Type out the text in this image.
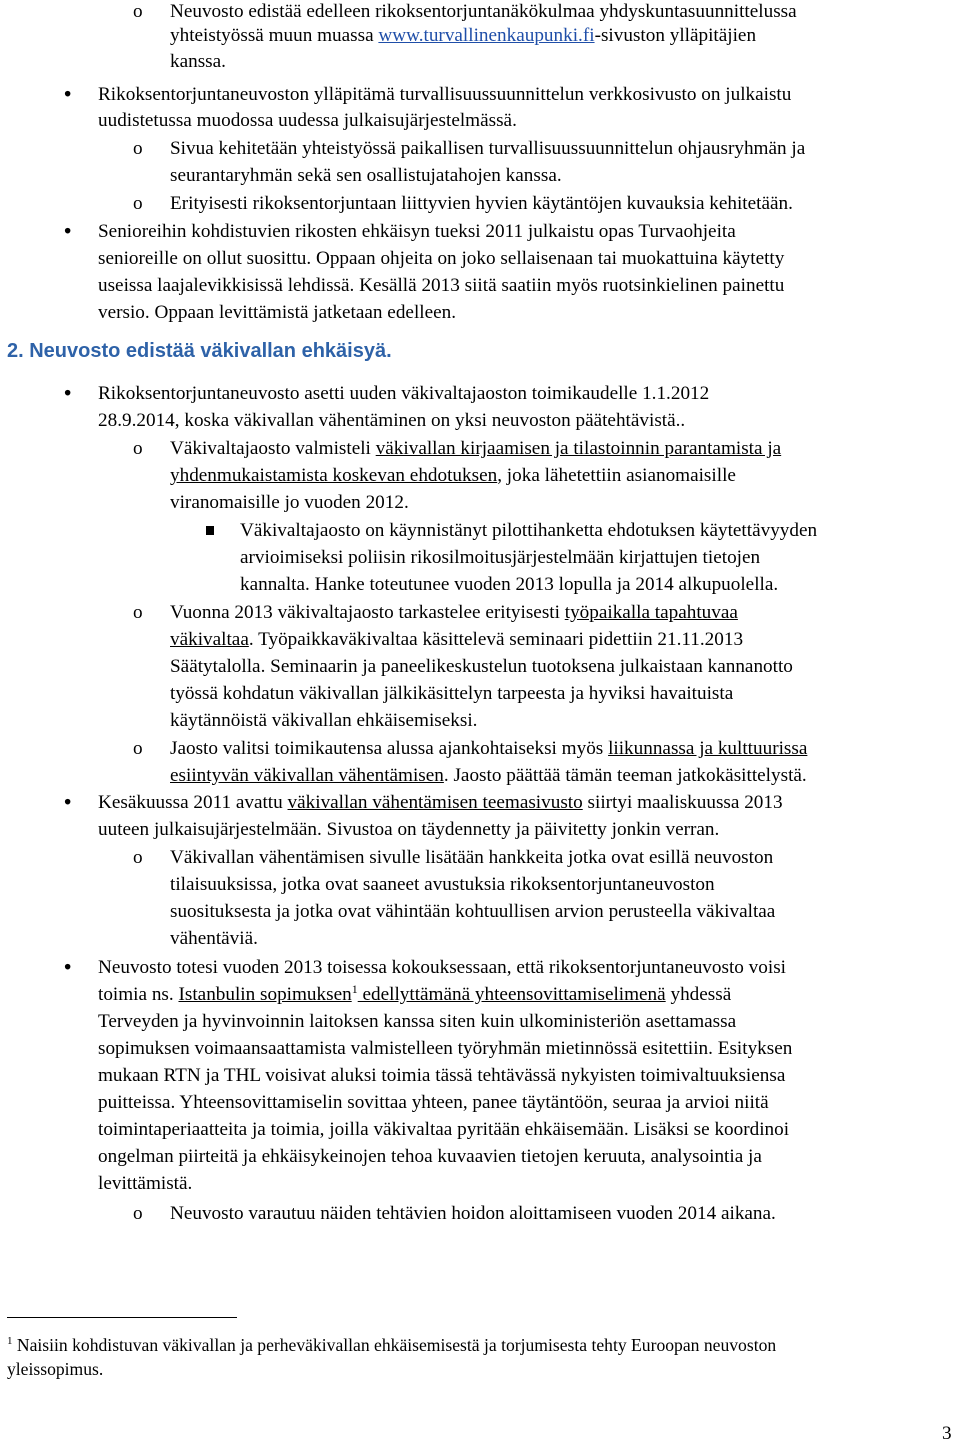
o Neuvosto edistää edelleen rikoksentorjuntanäkökulmaa yhdyskuntasuunnittelussa
yhteistyössä muun muassa www.turvallinenkaupunki.fi-sivuston ylläpitäjien
kanssa.
• Rikoksentorjuntaneuvoston ylläpitämä turvallisuussuunnittelun verkkosivusto on julkaistu
uudistetussa muodossa uudessa julkaisujärjestelmässä.
o Sivua kehitetään yhteistyössä paikallisen turvallisuussuunnittelun ohjausryhmän ja
seurantaryhmän sekä sen osallistujatahojen kanssa.
o Erityisesti rikoksentorjuntaan liittyvien hyvien käytäntöjen kuvauksia kehitetään.
• Senioreihin kohdistuvien rikosten ehkäisyn tueksi 2011 julkaistu opas Turvaohjeita
senioreille on ollut suosittu. Oppaan ohjeita on joko sellaisenaan tai muokattuina käytetty
useissa laajalevikkisissä lehdissä. Kesällä 2013 siitä saatiin myös ruotsinkielinen painettu
versio. Oppaan levittämistä jatketaan edelleen.
2. Neuvosto edistää väkivallan ehkäisyä.
• Rikoksentorjuntaneuvosto asetti uuden väkivaltajaoston toimikaudelle 1.1.2012
28.9.2014, koska väkivallan vähentäminen on yksi neuvoston päätehtävistä..
o Väkivaltajaosto valmisteli väkivallan kirjaamisen ja tilastoinnin parantamista ja
yhdenmukaistamista koskevan ehdotuksen, joka lähetettiin asianomaisille
viranomaisille jo vuoden 2012.
Väkivaltajaosto on käynnistänyt pilottihanketta ehdotuksen käytettävyyden
arvioimiseksi poliisin rikosilmoitusjärjestelmään kirjattujen tietojen
kannalta. Hanke toteutunee vuoden 2013 lopulla ja 2014 alkupuolella.
o Vuonna 2013 väkivaltajaosto tarkastelee erityisesti työpaikalla tapahtuvaa
väkivaltaa. Työpaikkaväkivaltaa käsittelevä seminaari pidettiin 21.11.2013
Säätytalolla. Seminaarin ja paneelikeskustelun tuotoksena julkaistaan kannanotto
työssä kohdatun väkivallan jälkikäsittelyn tarpeesta ja hyviksi havaituista
käytännöistä väkivallan ehkäisemiseksi.
o Jaosto valitsi toimikautensa alussa ajankohtaiseksi myös liikunnassa ja kulttuurissa
esiintyvän väkivallan vähentämisen. Jaosto päättää tämän teeman jatkokäsittelystä.
• Kesäkuussa 2011 avattu väkivallan vähentämisen teemasivusto siirtyi maaliskuussa 2013
uuteen julkaisujärjestelmään. Sivustoa on täydennetty ja päivitetty jonkin verran.
o Väkivallan vähentämisen sivulle lisätään hankkeita jotka ovat esillä neuvoston
tilaisuuksissa, jotka ovat saaneet avustuksia rikoksentorjuntaneuvoston
suosituksesta ja jotka ovat vähintään kohtuullisen arvion perusteella väkivaltaa
vähentäviä.
• Neuvosto totesi vuoden 2013 toisessa kokouksessaan, että rikoksentorjuntaneuvosto voisi
toimia ns. Istanbulin sopimuksen$^1$ edellyttämänä yhteensovittamiselimenä yhdessä
Terveyden ja hyvinvoinnin laitoksen kanssa siten kuin ulkoministeriön asettamassa
sopimuksen voimaansaattamista valmistelleen työryhmän mietinnössä esitettiin. Esityksen
mukaan RTN ja THL voisivat aluksi toimia tässä tehtävässä nykyisten toimivaltuuksiensa
puitteissa. Yhteensovittamiselin sovittaa yhteen, panee täytäntöön, seuraa ja arvioi niitä
toimintaperiaatteita ja toimia, joilla väkivaltaa pyritään ehkäisemään. Lisäksi se koordinoi
ongelman piirteitä ja ehkäisykeinojen tehoa kuvaavien tietojen keruuta, analysointia ja
levittämistä.
o Neuvosto varautuu näiden tehtävien hoidon aloittamiseen vuoden 2014 aikana.
$^1$ Naisiin kohdistuvan väkivallan ja perheväkivallan ehkäisemisestä ja torjumisesta tehty Euroopan neuvoston
yleissopimus.
3
